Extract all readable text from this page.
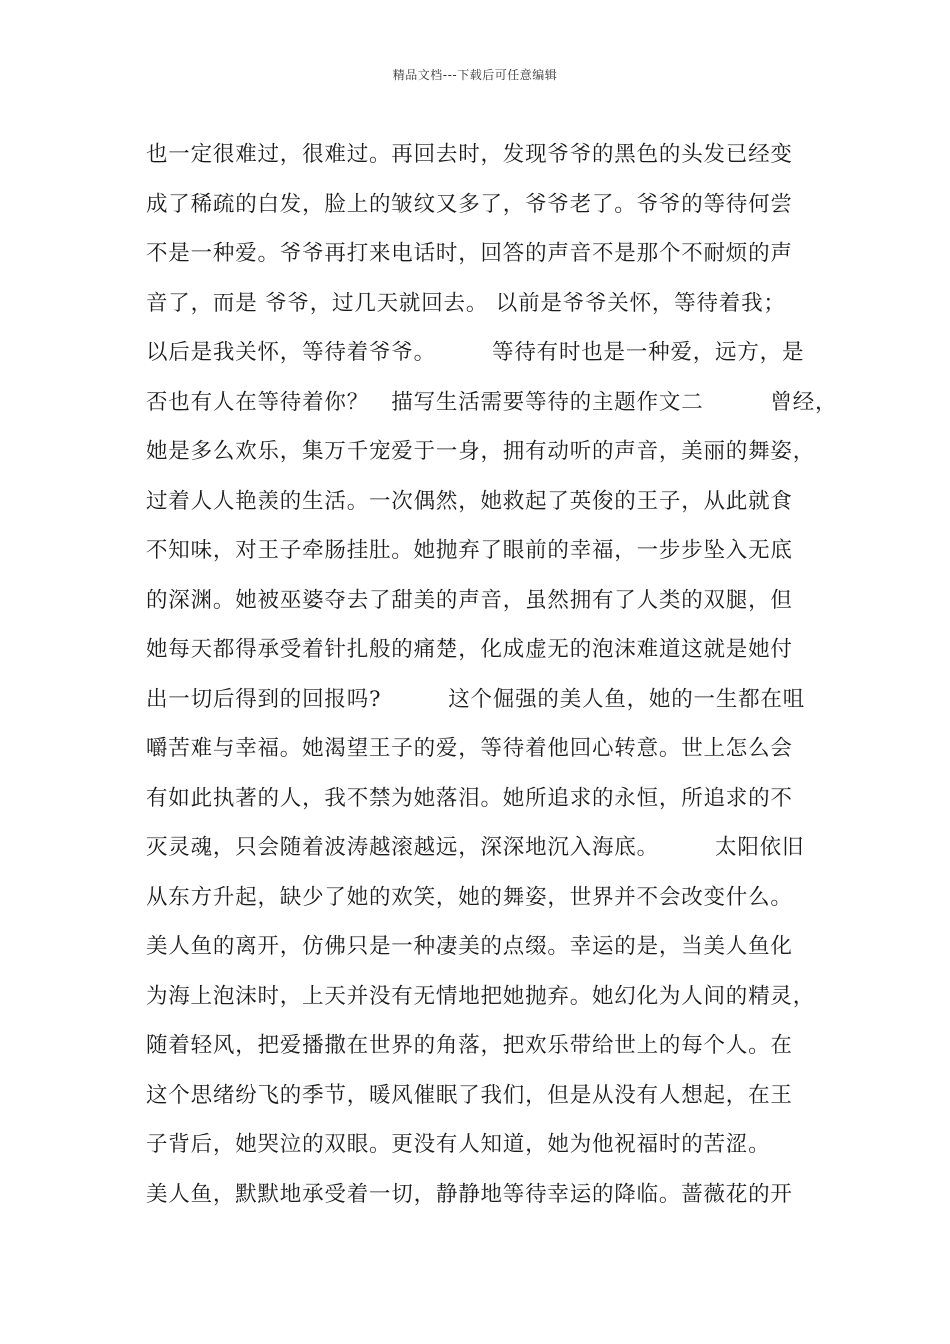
精品文档---下载后可任意编辑
也一定很难过，很难过。再回去时，发现爷爷的黑色的头发已经变
成了稀疏的白发，脸上的皱纹又多了，爷爷老了。爷爷的等待何尝
不是一种爱。爷爷再打来电话时，回答的声音不是那个不耐烦的声
音了，而是 爷爷，过几天就回去。 以前是爷爷关怀，等待着我；
以后是我关怀，等待着爷爷。　　　等待有时也是一种爱，远方，是
否也有人在等待着你？　描写生活需要等待的主题作文二　　　曾经，
她是多么欢乐，集万千宠爱于一身，拥有动听的声音，美丽的舞姿，
过着人人艳羡的生活。一次偶然，她救起了英俊的王子，从此就食
不知味，对王子牵肠挂肚。她抛弃了眼前的幸福，一步步坠入无底
的深渊。她被巫婆夺去了甜美的声音，虽然拥有了人类的双腿，但
她每天都得承受着针扎般的痛楚，化成虚无的泡沫难道这就是她付
出一切后得到的回报吗?　　　这个倔强的美人鱼，她的一生都在咀
嚼苦难与幸福。她渴望王子的爱，等待着他回心转意。世上怎么会
有如此执著的人，我不禁为她落泪。她所追求的永恒，所追求的不
灭灵魂，只会随着波涛越滚越远，深深地沉入海底。　　　太阳依旧
从东方升起，缺少了她的欢笑，她的舞姿，世界并不会改变什么。
美人鱼的离开，仿佛只是一种凄美的点缀。幸运的是，当美人鱼化
为海上泡沫时，上天并没有无情地把她抛弃。她幻化为人间的精灵，
随着轻风，把爱播撒在世界的角落，把欢乐带给世上的每个人。在
这个思绪纷飞的季节，暖风催眠了我们，但是从没有人想起，在王
子背后，她哭泣的双眼。更没有人知道，她为他祝福时的苦涩。
美人鱼，默默地承受着一切，静静地等待幸运的降临。蔷薇花的开
